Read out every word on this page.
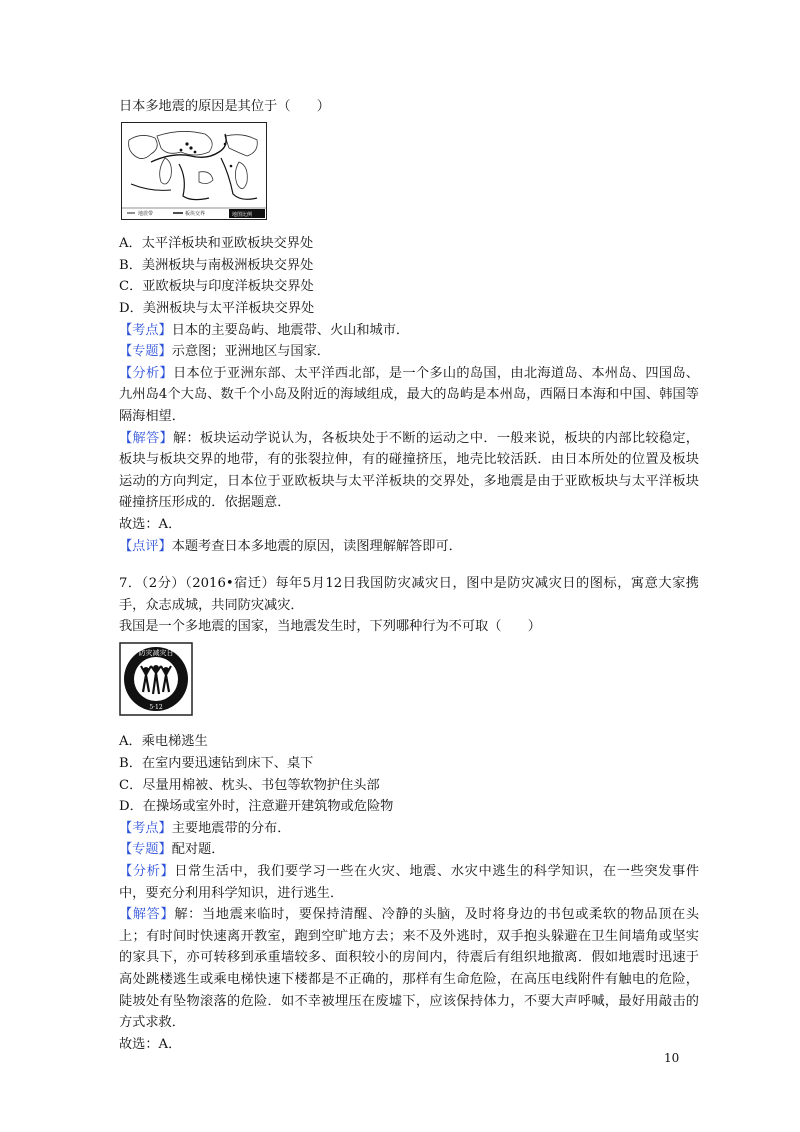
日本多地震的原因是其位于（　　）
地震带	板块交界	地图比例
A．太平洋板块和亚欧板块交界处
B．美洲板块与南极洲板块交界处
C．亚欧板块与印度洋板块交界处
D．美洲板块与太平洋板块交界处
【考点】日本的主要岛屿、地震带、火山和城市．
【专题】示意图；亚洲地区与国家．
【分析】日本位于亚洲东部、太平洋西北部，是一个多山的岛国，由北海道岛、本州岛、四国岛、九州岛4个大岛、数千个小岛及附近的海域组成，最大的岛屿是本州岛，西隔日本海和中国、韩国等隔海相望．
【解答】解：板块运动学说认为，各板块处于不断的运动之中．一般来说，板块的内部比较稳定，板块与板块交界的地带，有的张裂拉伸，有的碰撞挤压，地壳比较活跃．由日本所处的位置及板块运动的方向判定，日本位于亚欧板块与太平洋板块的交界处，多地震是由于亚欧板块与太平洋板块碰撞挤压形成的．依据题意．
故选：A．
【点评】本题考查日本多地震的原因，读图理解解答即可．
7．（2分）（2016•宿迁）每年5月12日我国防灾减灾日，图中是防灾减灾日的图标，寓意大家携手，众志成城，共同防灾减灾．
我国是一个多地震的国家，当地震发生时，下列哪种行为不可取（　　）
防灾减灾日
5·12
A．乘电梯逃生
B．在室内要迅速钻到床下、桌下
C．尽量用棉被、枕头、书包等软物护住头部
D．在操场或室外时，注意避开建筑物或危险物
【考点】主要地震带的分布．
【专题】配对题．
【分析】日常生活中，我们要学习一些在火灾、地震、水灾中逃生的科学知识，在一些突发事件中，要充分利用科学知识，进行逃生．
【解答】解：当地震来临时，要保持清醒、冷静的头脑，及时将身边的书包或柔软的物品顶在头上；有时间时快速离开教室，跑到空旷地方去；来不及外逃时，双手抱头躲避在卫生间墙角或坚实的家具下，亦可转移到承重墙较多、面积较小的房间内，待震后有组织地撤离．假如地震时迅速于高处跳楼逃生或乘电梯快速下楼都是不正确的，那样有生命危险，在高压电线附件有触电的危险，陡坡处有坠物滚落的危险．如不幸被埋压在废墟下，应该保持体力，不要大声呼喊，最好用敲击的方式求救．
故选：A．
10
